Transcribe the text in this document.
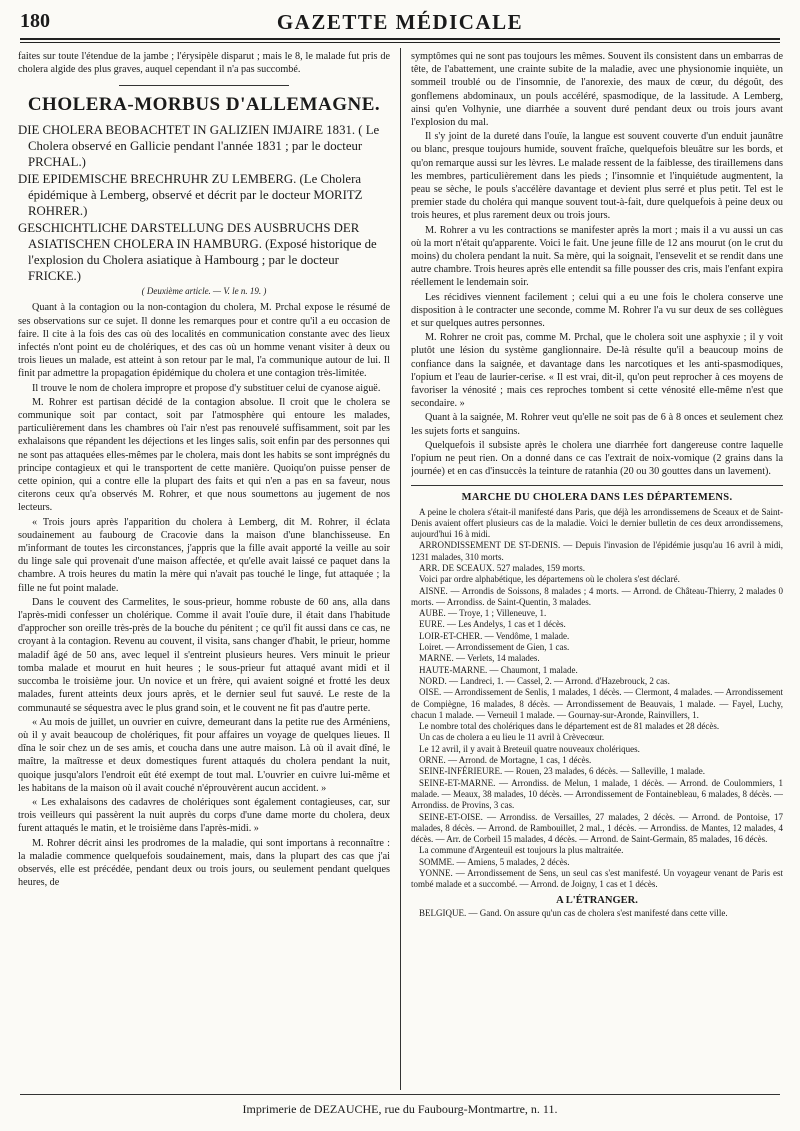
GAZETTE MÉDICALE
180

faites sur toute l'étendue de la jambe ; l'érysipèle disparut ; mais le 8, le malade fut pris de cholera algide des plus graves, auquel cependant il n'a pas succombé.

CHOLERA-MORBUS D'ALLEMAGNE.
DIE CHOLERA BEOBACHTET IN GALIZIEN IMJAIRE 1831. ( Le Cholera observé en Gallicie pendant l'année 1831 ; par le docteur PRCHAL.)
DIE EPIDEMISCHE BRECHRUHR ZU LEMBERG. (Le Cholera épidémique à Lemberg, observé et décrit par le docteur MORITZ ROHRER.)
GESCHICHTLICHE DARSTELLUNG DES AUSBRUCHS DER ASIATISCHEN CHOLERA IN HAMBURG. (Exposé historique de l'explosion du Cholera asiatique à Hambourg ; par le docteur FRICKE.)
( Deuxième article. — V. le n. 19. )

Quant à la contagion ou la non-contagion du cholera, M. Prchal expose le résumé de ses observations sur ce sujet. Il donne les remarques pour et contre qu'il a eu occasion de faire. Il cite à la fois des cas où des localités en communication constante avec des lieux infectés n'ont point eu de cholériques, et des cas où un homme venant visiter à deux ou trois lieues un malade, est atteint à son retour par le mal, l'a communique autour de lui. Il finit par admettre la propagation épidémique du cholera et une contagion très-limitée.

Il trouve le nom de cholera impropre et propose d'y substituer celui de cyanose aiguë.

M. Rohrer est partisan décidé de la contagion absolue. Il croit que le cholera se communique soit par contact, soit par l'atmosphère qui entoure les malades, particulièrement dans les chambres où l'air n'est pas renouvelé suffisamment, soit par les exhalaisons que répandent les déjections et les linges salis, soit enfin par des personnes qui ne sont pas attaquées elles-mêmes par le cholera, mais dont les habits se sont imprégnés du principe contagieux et qui le transportent de cette manière. Quoiqu'on puisse penser de cette opinion, qui a contre elle la plupart des faits et qui n'en a pas en sa faveur, nous citerons ceux qu'a observés M. Rohrer, et que nous soumettons au jugement de nos lecteurs.

« Trois jours après l'apparition du cholera à Lemberg, dit M. Rohrer, il éclata soudainement au faubourg de Cracovie dans la maison d'une blanchisseuse. En m'informant de toutes les circonstances, j'appris que la fille avait apporté la veille au soir du linge sale qui provenait d'une maison affectée, et qu'elle avait laissé ce paquet dans la chambre. A trois heures du matin la mère qui n'avait pas touché le linge, fut attaquée ; la fille ne fut point malade.

Dans le couvent des Carmelites, le sous-prieur, homme robuste de 60 ans, alla dans l'après-midi confesser un cholérique. Comme il avait l'ouïe dure, il était dans l'habitude d'approcher son oreille très-près de la bouche du pénitent ; ce qu'il fit aussi dans ce cas, ne croyant à la contagion. Revenu au couvent, il visita, sans changer d'habit, le prieur, homme maladif âgé de 50 ans, avec lequel il s'entreint plusieurs heures. Vers minuit le prieur tomba malade et mourut en huit heures ; le sous-prieur fut attaqué avant midi et il succomba le troisième jour. Un novice et un frère, qui avaient soigné et frotté les deux malades, furent atteints deux jours après, et le dernier seul fut sauvé. Le reste de la communauté se séquestra avec le plus grand soin, et le couvent ne fit pas d'autre perte.

« Au mois de juillet, un ouvrier en cuivre, demeurant dans la petite rue des Arméniens, où il y avait beaucoup de cholériques, fit pour affaires un voyage de quelques lieues. Il dîna le soir chez un de ses amis, et coucha dans une autre maison. Là où il avait dîné, le maître, la maîtresse et deux domestiques furent attaqués du cholera pendant la nuit, quoique jusqu'alors l'endroit eût été exempt de tout mal. L'ouvrier en cuivre lui-même et les habitans de la maison où il avait couché n'éprouvèrent aucun accident. »

« Les exhalaisons des cadavres de cholériques sont également contagieuses, car, sur trois veilleurs qui passèrent la nuit auprès du corps d'une dame morte du cholera, deux furent attaqués le matin, et le troisième dans l'après-midi. »

M. Rohrer décrit ainsi les prodromes de la maladie, qui sont importans à reconnaître : la maladie commence quelquefois soudainement, mais, dans la plupart des cas que j'ai observés, elle est précédée, pendant deux ou trois jours, ou seulement pendant quelques heures, de

symptômes qui ne sont pas toujours les mêmes. Souvent ils consistent dans un embarras de tête, de l'abattement, une crainte subite de la maladie, avec une physionomie inquiète, un sommeil troublé ou de l'insomnie, de l'anorexie, des maux de cœur, du dégoût, des gonflemens abdominaux, un pouls accéléré, spasmodique, de la lassitude. A Lemberg, ainsi qu'en Volhynie, une diarrhée a souvent duré pendant deux ou trois jours avant l'explosion du mal.

Il s'y joint de la dureté dans l'ouïe, la langue est souvent couverte d'un enduit jaunâtre ou blanc, presque toujours humide, souvent fraîche, quelquefois bleuâtre sur les bords, et qu'on remarque aussi sur les lèvres. Le malade ressent de la faiblesse, des tiraillemens dans les membres, particulièrement dans les pieds ; l'insomnie et l'inquiétude augmentent, la peau se sèche, le pouls s'accélère davantage et devient plus serré et plus petit. Tel est le premier stade du choléra qui manque souvent tout-à-fait, dure quelquefois à peine deux ou trois heures, et plus rarement deux ou trois jours.

M. Rohrer a vu les contractions se manifester après la mort ; mais il a vu aussi un cas où la mort n'était qu'apparente. Voici le fait. Une jeune fille de 12 ans mourut (on le crut du moins) du cholera pendant la nuit. Sa mère, qui la soignait, l'ensevelit et se rendit dans une autre chambre. Trois heures après elle entendit sa fille pousser des cris, mais l'enfant expira réellement le lendemain soir.

Les récidives viennent facilement ; celui qui a eu une fois le cholera conserve une disposition à le contracter une seconde, comme M. Rohrer l'a vu sur deux de ses collègues et sur quelques autres personnes.

M. Rohrer ne croit pas, comme M. Prchal, que le cholera soit une asphyxie ; il y voit plutôt une lésion du système ganglionnaire. De-là résulte qu'il a beaucoup moins de confiance dans la saignée, et davantage dans les narcotiques et les anti-spasmodiques, l'opium et l'eau de laurier-cerise. « Il est vrai, dit-il, qu'on peut reprocher à ces moyens de favoriser la vénosité ; mais ces reproches tombent si cette vénosité elle-même n'est que secondaire. »

Quant à la saignée, M. Rohrer veut qu'elle ne soit pas de 6 à 8 onces et seulement chez les sujets forts et sanguins.

Quelquefois il subsiste après le cholera une diarrhée fort dangereuse contre laquelle l'opium ne peut rien. On a donné dans ce cas l'extrait de noix-vomique (2 grains dans la journée) et en cas d'insuccès la teinture de ratanhia (20 ou 30 gouttes dans un lavement).

MARCHE DU CHOLERA DANS LES DÉPARTEMENS.
A peine le cholera s'était-il manifesté dans Paris, que déjà les arrondissemens de Sceaux et de Saint-Denis avaient offert plusieurs cas de la maladie. Voici le dernier bulletin de ces deux arrondissemens, aujourd'hui 16 à midi.
ARRONDISSEMENT DE ST-DENIS. — Depuis l'invasion de l'épidémie jusqu'au 16 avril à midi, 1231 malades, 310 morts.
ARR. DE SCEAUX. 527 malades, 159 morts.
Voici par ordre alphabétique, les départemens où le cholera s'est déclaré.
AISNE. — Arrondis de Soissons, 8 malades ; 4 morts. — Arrond. de Château-Thierry, 2 malades 0 morts. — Arrondiss. de Saint-Quentin, 3 malades.
AUBE. — Troye, 1 ; Villeneuve, 1.
EURE. — Les Andelys, 1 cas et 1 décès.
LOIR-ET-CHER. — Vendôme, 1 malade.
Loiret. — Arrondissement de Gien, 1 cas.
MARNE. — Verlets, 14 malades.
HAUTE-MARNE. — Chaumont, 1 malade.
NORD. — Landreci, 1. — Cassel, 2. — Arrond. d'Hazebrouck, 2 cas.
OISE. — Arrondissement de Senlis, 1 malades, 1 décès. — Clermont, 4 malades. — Arrondissement de Compiègne, 16 malades, 8 décès. — Arrondissement de Beauvais, 1 malade. — Fayel, Luchy, chacun 1 malade. — Verneuil 1 malade. — Gournay-sur-Aronde, Rainvillers, 1.
Le nombre total des cholériques dans le département est de 81 malades et 28 décès.
Un cas de cholera a eu lieu le 11 avril à Crèvecœur.
Le 12 avril, il y avait à Breteuil quatre nouveaux cholériques.
ORNE. — Arrond. de Mortagne, 1 cas, 1 décès.
SEINE-INFÉRIEURE. — Rouen, 23 malades, 6 décès. — Salleville, 1 malade.
SEINE-ET-MARNE. — Arrondiss. de Melun, 1 malade, 1 décès. — Arrond. de Coulommiers, 1 malade. — Meaux, 38 malades, 10 décès. — Arrondissement de Fontainebleau, 6 malades, 8 décès. — Arrondiss. de Provins, 3 cas.
SEINE-ET-OISE. — Arrondiss. de Versailles, 27 malades, 2 décès. — Arrond. de Pontoise, 17 malades, 8 décès. — Arrond. de Rambouillet, 2 mal., 1 décès. — Arrondiss. de Mantes, 12 malades, 4 décès. — Arr. de Corbeil 15 malades, 4 décès. — Arrond. de Saint-Germain, 85 malades, 16 décès.
La commune d'Argenteuil est toujours la plus maltraitée.
SOMME. — Amiens, 5 malades, 2 décès.
YONNE. — Arrondissement de Sens, un seul cas s'est manifesté. Un voyageur venant de Paris est tombé malade et a succombé. — Arrond. de Joigny, 1 cas et 1 décès.
A L'ÉTRANGER.
BELGIQUE. — Gand. On assure qu'un cas de cholera s'est manifesté dans cette ville.
Imprimerie de DEZAUCHE, rue du Faubourg-Montmartre, n. 11.
